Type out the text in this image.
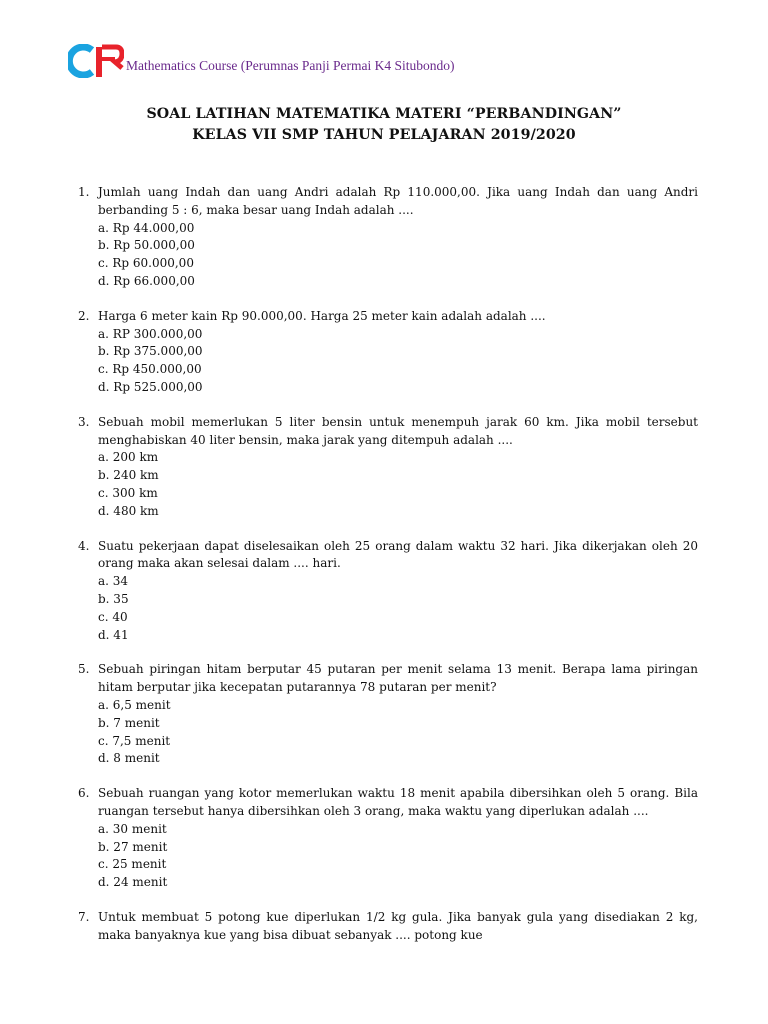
Mathematics Course (Perumnas Panji Permai K4 Situbondo)
SOAL LATIHAN MATEMATIKA MATERI “PERBANDINGAN”
KELAS VII SMP TAHUN PELAJARAN 2019/2020
1. Jumlah uang Indah dan uang Andri adalah Rp 110.000,00. Jika uang Indah dan uang Andri berbanding 5 : 6, maka besar uang Indah adalah ....

a. Rp 44.000,00
b. Rp 50.000,00
c. Rp 60.000,00
d. Rp 66.000,00
2. Harga 6 meter kain Rp 90.000,00. Harga 25 meter kain adalah adalah ....

a. RP 300.000,00
b. Rp 375.000,00
c. Rp 450.000,00
d. Rp 525.000,00
3. Sebuah mobil memerlukan 5 liter bensin untuk menempuh jarak 60 km. Jika mobil tersebut menghabiskan 40 liter bensin, maka jarak yang ditempuh adalah ....

a. 200 km
b. 240 km
c. 300 km
d. 480 km
4. Suatu pekerjaan dapat diselesaikan oleh 25 orang dalam waktu 32 hari. Jika dikerjakan oleh 20 orang maka akan selesai dalam .... hari.

a. 34
b. 35
c. 40
d. 41
5. Sebuah piringan hitam berputar 45 putaran per menit selama 13 menit. Berapa lama piringan hitam berputar jika kecepatan putarannya 78 putaran per menit?

a. 6,5 menit
b. 7 menit
c. 7,5 menit
d. 8 menit
6. Sebuah ruangan yang kotor memerlukan waktu 18 menit apabila dibersihkan oleh 5 orang. Bila ruangan tersebut hanya dibersihkan oleh 3 orang, maka waktu yang diperlukan adalah ....

a. 30 menit
b. 27 menit
c. 25 menit
d. 24 menit
7. Untuk membuat 5 potong kue diperlukan 1/2 kg gula. Jika banyak gula yang disediakan 2 kg, maka banyaknya kue yang bisa dibuat sebanyak .... potong kue
